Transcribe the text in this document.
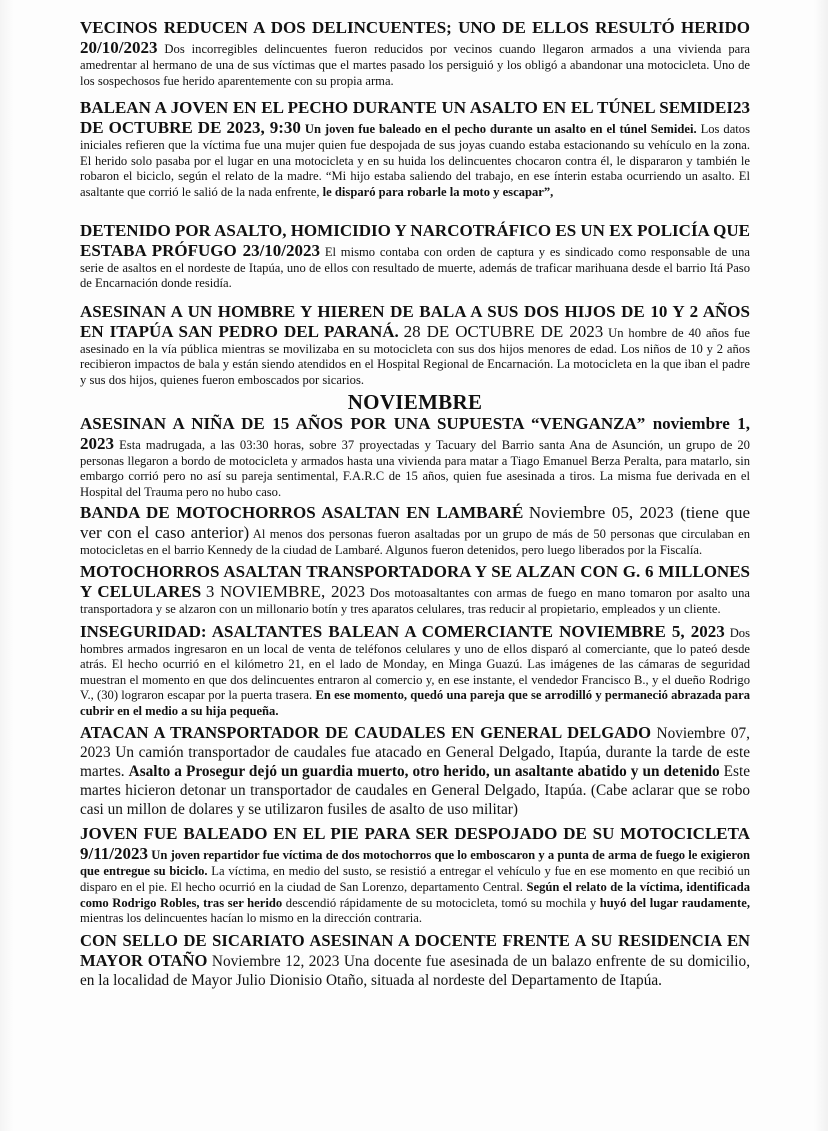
VECINOS REDUCEN A DOS DELINCUENTES; UNO DE ELLOS RESULTÓ HERIDO 20/10/2023 Dos incorregibles delincuentes fueron reducidos por vecinos cuando llegaron armados a una vivienda para amedrentar al hermano de una de sus víctimas que el martes pasado los persiguió y los obligó a abandonar una motocicleta. Uno de los sospechosos fue herido aparentemente con su propia arma.

BALEAN A JOVEN EN EL PECHO DURANTE UN ASALTO EN EL TÚNEL SEMIDEI23 DE OCTUBRE DE 2023, 9:30 Un joven fue baleado en el pecho durante un asalto en el túnel Semidei. Los datos iniciales refieren que la víctima fue una mujer quien fue despojada de sus joyas cuando estaba estacionando su vehículo en la zona. El herido solo pasaba por el lugar en una motocicleta y en su huida los delincuentes chocaron contra él, le dispararon y también le robaron el biciclo, según el relato de la madre. “Mi hijo estaba saliendo del trabajo, en ese ínterin estaba ocurriendo un asalto. El asaltante que corrió le salió de la nada enfrente, le disparó para robarle la moto y escapar”,

DETENIDO POR ASALTO, HOMICIDIO Y NARCOTRÁFICO ES UN EX POLICÍA QUE ESTABA PRÓFUGO 23/10/2023 El mismo contaba con orden de captura y es sindicado como responsable de una serie de asaltos en el nordeste de Itapúa, uno de ellos con resultado de muerte, además de traficar marihuana desde el barrio Itá Paso de Encarnación donde residía.

ASESINAN A UN HOMBRE Y HIEREN DE BALA A SUS DOS HIJOS DE 10 Y 2 AÑOS EN ITAPÚA SAN PEDRO DEL PARANÁ. 28 DE OCTUBRE DE 2023 Un hombre de 40 años fue asesinado en la vía pública mientras se movilizaba en su motocicleta con sus dos hijos menores de edad. Los niños de 10 y 2 años recibieron impactos de bala y están siendo atendidos en el Hospital Regional de Encarnación. La motocicleta en la que iban el padre y sus dos hijos, quienes fueron emboscados por sicarios.

NOVIEMBRE

ASESINAN A NIÑA DE 15 AÑOS POR UNA SUPUESTA “VENGANZA” noviembre 1, 2023 Esta madrugada, a las 03:30 horas, sobre 37 proyectadas y Tacuary del Barrio santa Ana de Asunción, un grupo de 20 personas llegaron a bordo de motocicleta y armados hasta una vivienda para matar a Tiago Emanuel Berza Peralta, para matarlo, sin embargo corrió pero no así su pareja sentimental, F.A.R.C de 15 años, quien fue asesinada a tiros. La misma fue derivada en el Hospital del Trauma pero no hubo caso.

BANDA DE MOTOCHORROS ASALTAN EN LAMBARÉ Noviembre 05, 2023 (tiene que ver con el caso anterior) Al menos dos personas fueron asaltadas por un grupo de más de 50 personas que circulaban en motocicletas en el barrio Kennedy de la ciudad de Lambaré. Algunos fueron detenidos, pero luego liberados por la Fiscalía.

MOTOCHORROS ASALTAN TRANSPORTADORA Y SE ALZAN CON G. 6 MILLONES Y CELULARES 3 NOVIEMBRE, 2023 Dos motoasaltantes con armas de fuego en mano tomaron por asalto una transportadora y se alzaron con un millonario botín y tres aparatos celulares, tras reducir al propietario, empleados y un cliente.

INSEGURIDAD: ASALTANTES BALEAN A COMERCIANTE NOVIEMBRE 5, 2023 Dos hombres armados ingresaron en un local de venta de teléfonos celulares y uno de ellos disparó al comerciante, que lo pateó desde atrás. El hecho ocurrió en el kilómetro 21, en el lado de Monday, en Minga Guazú. Las imágenes de las cámaras de seguridad muestran el momento en que dos delincuentes entraron al comercio y, en ese instante, el vendedor Francisco B., y el dueño Rodrigo V., (30) lograron escapar por la puerta trasera. En ese momento, quedó una pareja que se arrodilló y permaneció abrazada para cubrir en el medio a su hija pequeña.

ATACAN A TRANSPORTADOR DE CAUDALES EN GENERAL DELGADO Noviembre 07, 2023 Un camión transportador de caudales fue atacado en General Delgado, Itapúa, durante la tarde de este martes. Asalto a Prosegur dejó un guardia muerto, otro herido, un asaltante abatido y un detenido Este martes hicieron detonar un transportador de caudales en General Delgado, Itapúa. (Cabe aclarar que se robo casi un millon de dolares y se utilizaron fusiles de asalto de uso militar)

JOVEN FUE BALEADO EN EL PIE PARA SER DESPOJADO DE SU MOTOCICLETA 9/11/2023 Un joven repartidor fue víctima de dos motochorros que lo emboscaron y a punta de arma de fuego le exigieron que entregue su biciclo. La víctima, en medio del susto, se resistió a entregar el vehículo y fue en ese momento en que recibió un disparo en el pie. El hecho ocurrió en la ciudad de San Lorenzo, departamento Central. Según el relato de la víctima, identificada como Rodrigo Robles, tras ser herido descendió rápidamente de su motocicleta, tomó su mochila y huyó del lugar raudamente, mientras los delincuentes hacían lo mismo en la dirección contraria.

CON SELLO DE SICARIATO ASESINAN A DOCENTE FRENTE A SU RESIDENCIA EN MAYOR OTAÑO Noviembre 12, 2023 Una docente fue asesinada de un balazo enfrente de su domicilio, en la localidad de Mayor Julio Dionisio Otaño, situada al nordeste del Departamento de Itapúa.
